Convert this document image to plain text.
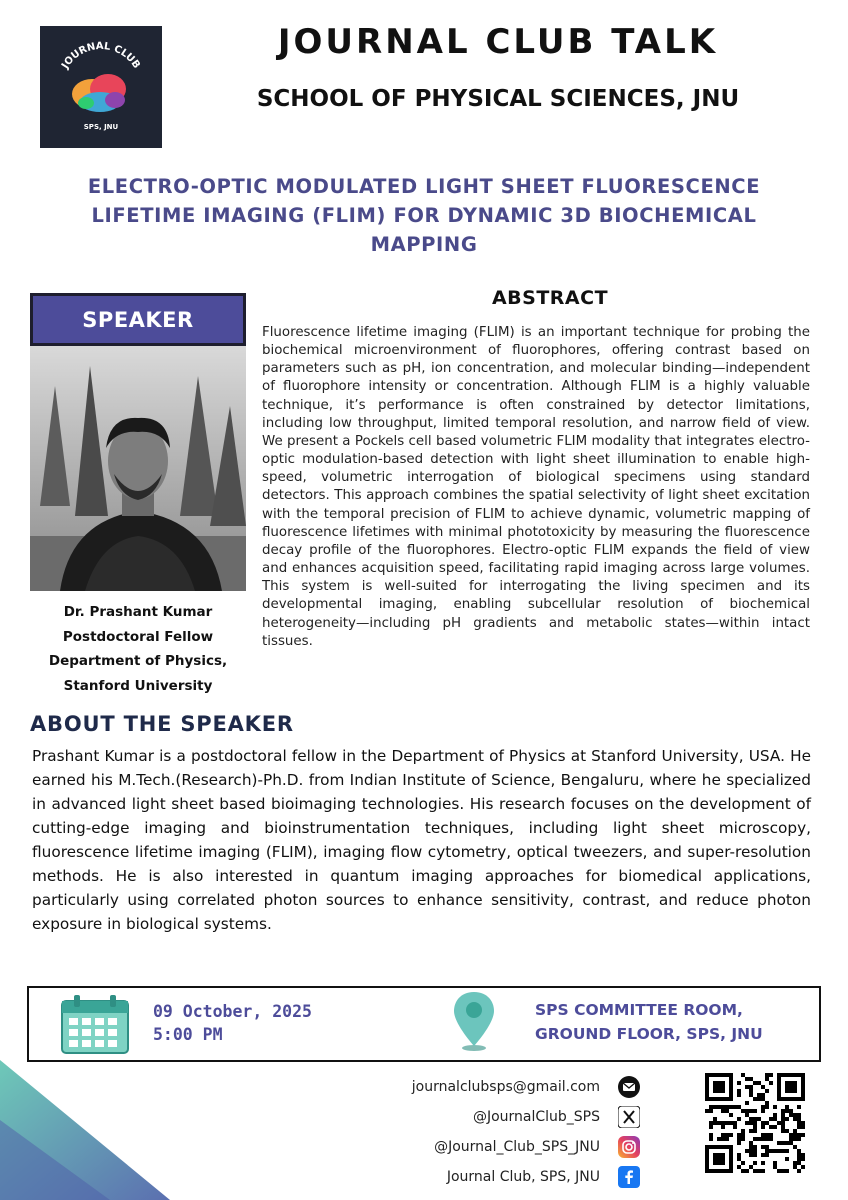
JOURNAL CLUB
SPS, JNU
JOURNAL CLUB TALK
SCHOOL OF PHYSICAL SCIENCES, JNU
ELECTRO-OPTIC MODULATED LIGHT SHEET FLUORESCENCE LIFETIME IMAGING (FLIM) FOR DYNAMIC 3D BIOCHEMICAL MAPPING
SPEAKER
Dr. Prashant Kumar
Postdoctoral Fellow
Department of Physics,
Stanford University
ABSTRACT
Fluorescence lifetime imaging (FLIM) is an important technique for probing the biochemical microenvironment of fluorophores, offering contrast based on parameters such as pH, ion concentration, and molecular binding—independent of fluorophore intensity or concentration. Although FLIM is a highly valuable technique, it’s performance is often constrained by detector limitations, including low throughput, limited temporal resolution, and narrow field of view. We present a Pockels cell based volumetric FLIM modality that integrates electro-optic modulation-based detection with light sheet illumination to enable high-speed, volumetric interrogation of biological specimens using standard detectors. This approach combines the spatial selectivity of light sheet excitation with the temporal precision of FLIM to achieve dynamic, volumetric mapping of fluorescence lifetimes with minimal phototoxicity by measuring the fluorescence decay profile of the fluorophores. Electro-optic FLIM expands the field of view and enhances acquisition speed, facilitating rapid imaging across large volumes. This system is well-suited for interrogating the living specimen and its developmental imaging, enabling subcellular resolution of biochemical heterogeneity—including pH gradients and metabolic states—within intact tissues.
ABOUT THE SPEAKER
Prashant Kumar is a postdoctoral fellow in the Department of Physics at Stanford University, USA. He earned his M.Tech.(Research)-Ph.D. from Indian Institute of Science, Bengaluru, where he specialized in advanced light sheet based bioimaging technologies. His research focuses on the development of cutting-edge imaging and bioinstrumentation techniques, including light sheet microscopy, fluorescence lifetime imaging (FLIM), imaging flow cytometry, optical tweezers, and super-resolution methods. He is also interested in quantum imaging approaches for biomedical applications, particularly using correlated photon sources to enhance sensitivity, contrast, and reduce photon exposure in biological systems.
09 October, 2025
5:00 PM
SPS COMMITTEE ROOM,
GROUND FLOOR, SPS, JNU
journalclubsps@gmail.com
@JournalClub_SPS
@Journal_Club_SPS_JNU
Journal Club, SPS, JNU
